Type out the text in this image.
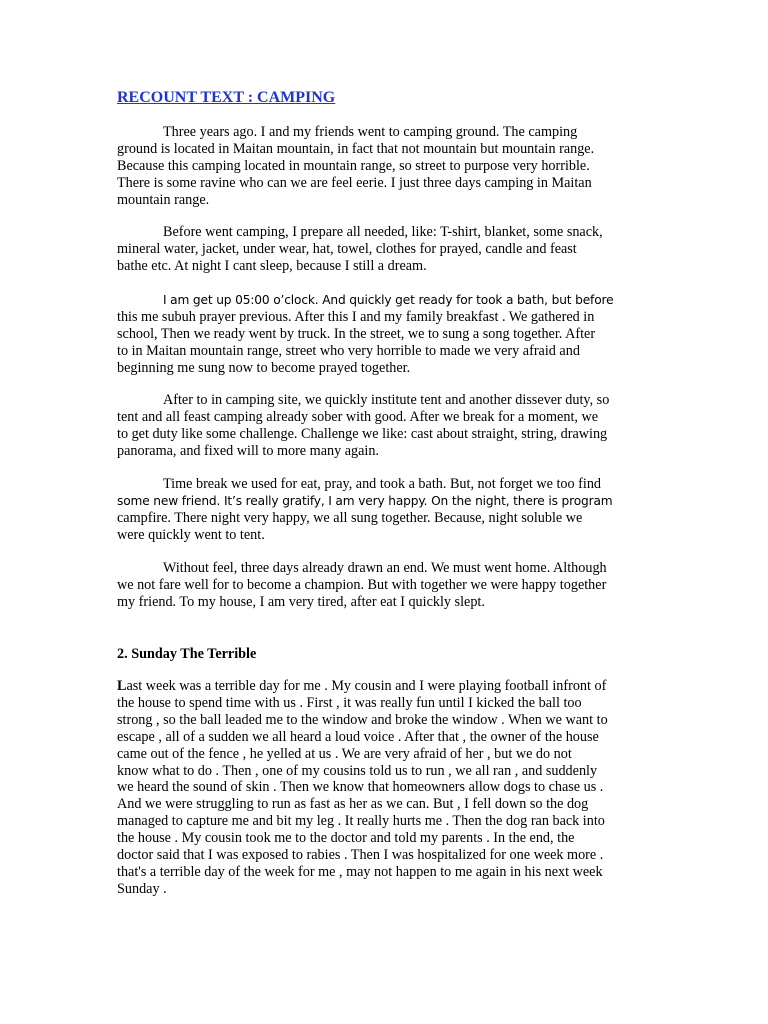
RECOUNT TEXT : CAMPING
Three years ago. I and my friends went to camping ground. The camping
ground is located in Maitan mountain, in fact that not mountain but mountain range.
Because this camping located in mountain range, so street to purpose very horrible.
There is some ravine who can we are feel eerie. I just three days camping in Maitan
mountain range.
Before went camping, I prepare all needed, like: T-shirt, blanket, some snack,
mineral water, jacket, under wear, hat, towel, clothes for prayed, candle and feast
bathe etc. At night I cant sleep, because I still a dream.
I am get up 05:00 o’clock. And quickly get ready for took a bath, but before
this me subuh prayer previous. After this I and my family breakfast . We gathered in
school, Then we ready went by truck. In the street, we to sung a song together. After
to in Maitan mountain range, street who very horrible to made we very afraid and
beginning me sung now to become prayed together.
After to in camping site, we quickly institute tent and another dissever duty, so
tent and all feast camping already sober with good. After we break for a moment, we
to get duty like some challenge. Challenge we like: cast about straight, string, drawing
panorama, and fixed will to more many again.
Time break we used for eat, pray, and took a bath. But, not forget we too find
some new friend. It’s really gratify, I am very happy. On the night, there is program
campfire. There night very happy, we all sung together. Because, night soluble we
were quickly went to tent.
Without feel, three days already drawn an end. We must went home. Although
we not fare well for to become a champion. But with together we were happy together
my friend. To my house, I am very tired, after eat I quickly slept.
2. Sunday The Terrible
Last week was a terrible day for me . My cousin and I were playing football infront of
the house to spend time with us . First , it was really fun until I kicked the ball too
strong , so the ball leaded me to the window and broke the window . When we want to
escape , all of a sudden we all heard a loud voice . After that , the owner of the house
came out of the fence , he yelled at us . We are very afraid of her , but we do not
know what to do . Then , one of my cousins told us to run , we all ran , and suddenly
we heard the sound of skin . Then we know that homeowners allow dogs to chase us .
And we were struggling to run as fast as her as we can. But , I fell down so the dog
managed to capture me and bit my leg . It really hurts me . Then the dog ran back into
the house . My cousin took me to the doctor and told my parents . In the end, the
doctor said that I was exposed to rabies . Then I was hospitalized for one week more .
that's a terrible day of the week for me , may not happen to me again in his next week
Sunday .
